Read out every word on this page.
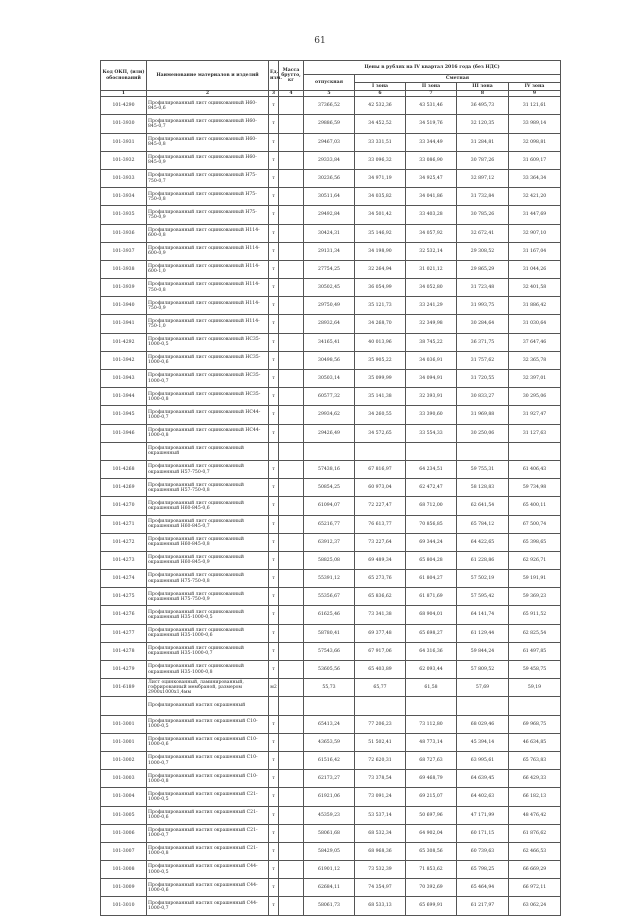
61
Код ОКП, (или) обоснований	Наименование материалов и изделий	Ед. изм.	Масса брутто, кг	Цены в рублях на IV квартал 2016 года (без НДС)				
				отпускная	Сметная			
					I зона	II зона	III зона	IV зона
1	2	3	4	5	6	7	8	9
101-4290	Профилированный лист оцинкованный Н60-845-0,6	т		37366,52	42 532,36	43 531,46	36 495,73	31 121,61
101-3930	Профилированный лист оцинкованный Н60-845-0,7	т		29886,59	34 452,52	34 519,76	32 120,35	33 989,14
101-3931	Профилированный лист оцинкованный Н60-845-0,8	т		29467,03	33 331,51	33 344,49	31 284,81	32 098,81
101-3932	Профилированный лист оцинкованный Н60-845-0,9	т		29333,84	33 096,32	33 086,90	30 787,26	31 609,17
101-3933	Профилированный лист оцинкованный Н75-750-0,7	т		30236,56	34 971,19	34 925,47	32 897,12	33 364,34
101-3934	Профилированный лист оцинкованный Н75-750-0,8	т		30511,64	34 035,82	34 041,86	31 732,84	32 421,20
101-3935	Профилированный лист оцинкованный Н75-750-0,9	т		29492,84	34 501,42	33 403,28	30 785,26	31 447,69
101-3936	Профилированный лист оцинкованный Н114-600-0,8	т		30424,31	35 146,92	34 057,92	32 672,41	32 907,10
101-3937	Профилированный лист оцинкованный Н114-600-0,9	т		29131,34	34 198,90	32 532,14	29 308,52	31 167,04
101-3938	Профилированный лист оцинкованный Н114-600-1,0	т		27754,25	32 264,94	31 021,12	29 865,29	31 044,26
101-3939	Профилированный лист оцинкованный Н114-750-0,8	т		30502,45	36 054,99	34 052,80	31 723,48	32 401,58
101-3940	Профилированный лист оцинкованный Н114-750-0,9	т		29750,49	35 121,73	33 241,29	31 993,75	31 886,42
101-3941	Профилированный лист оцинкованный Н114-750-1,0	т		28932,64	34 268,70	32 349,98	30 284,64	31 030,64
101-4292	Профилированный лист оцинкованный НС35-1000-0,5	т		34165,41	40 013,96	38 745,22	36 371,75	37 647,46
101-3942	Профилированный лист оцинкованный НС35-1000-0,6	т		30498,56	35 905,22	34 036,91	31 757,62	32 365,78
101-3943	Профилированный лист оцинкованный НС35-1000-0,7	т		30503,14	35 099,99	34 094,91	31 720,55	32 397,01
101-3944	Профилированный лист оцинкованный НС35-1000-0,8	т		60577,32	35 141,38	32 393,91	30 833,27	30 295,06
101-3945	Профилированный лист оцинкованный НС44-1000-0,7	т		29934,62	34 260,55	33 390,60	31 969,88	31 927,47
101-3946	Профилированный лист оцинкованный НС44-1000-0,8	т		29426,49	34 572,65	33 554,33	30 250,06	31 127,63
	Профилированный лист оцинкованный окрашенный							
101-4268	Профилированный лист оцинкованный окрашенный Н57-750-0,7	т		57438,16	67 816,97	64 234,51	59 755,31	61 406,43
101-4269	Профилированный лист оцинкованный окрашенный Н57-750-0,8	т		50854,25	60 973,04	62 472,47	58 128,83	59 734,98
101-4270	Профилированный лист оцинкованный окрашенный Н60-845-0,6	т		61094,07	72 227,47	68 712,00	62 641,54	65 400,11
101-4271	Профилированный лист оцинкованный окрашенный Н60-845-0,7	т		65216,77	76 613,77	70 856,85	65 784,12	67 500,74
101-4272	Профилированный лист оцинкованный окрашенный Н60-845-0,8	т		63912,37	73 227,64	69 344,24	64 422,65	65 398,65
101-4273	Профилированный лист оцинкованный окрашенный Н60-845-0,9	т		58825,08	69 489,34	65 804,28	61 228,86	62 926,71
101-4274	Профилированный лист оцинкованный окрашенный Н75-750-0,8	т		55391,12	65 273,76	61 804,27	57 502,19	59 191,91
101-4275	Профилированный лист оцинкованный окрашенный Н75-750-0,9	т		55356,67	65 836,62	61 871,69	57 595,42	59 369,23
101-4276	Профилированный лист оцинкованный окрашенный Н35-1000-0,5	т		61625,46	73 341,38	68 904,01	64 141,74	65 911,52
101-4277	Профилированный лист оцинкованный окрашенный Н35-1000-0,6	т		58780,41	69 377,48	65 698,27	61 129,44	62 825,54
101-4278	Профилированный лист оцинкованный окрашенный Н35-1000-0,7	т		57543,66	67 917,06	64 316,36	59 844,24	61 497,85
101-4279	Профилированный лист оцинкованный окрашенный Н35-1000-0,8	т		53605,56	65 403,89	62 093,44	57 809,52	59 458,75
101-6189	Лист оцинкованный, ламинированный, гофрированный мембраной, размером 2900х1000х1,4мм	м2		55,73	65,77	61,58	57,69	59,19
	Профилированный настил окрашенный							
101-3001	Профилированный настил окрашенный С10-1000-0,5	т		65413,24	77 206,23	73 112,80	68 029,46	69 968,75
101-3001	Профилированный настил окрашенный С10-1000-0,6	т		43653,59	51 502,41	48 773,14	45 394,14	46 634,85
101-3002	Профилированный настил окрашенный С10-1000-0,7	т		61516,42	72 620,31	68 727,63	63 995,61	65 763,83
101-3003	Профилированный настил окрашенный С10-1000-0,8	т		62173,27	73 378,54	69 468,79	64 639,45	66 429,33
101-3004	Профилированный настил окрашенный С21-1000-0,5	т		61921,06	73 091,24	69 215,07	64 402,63	66 182,13
101-3005	Профилированный настил окрашенный С21-1000-0,6	т		45359,23	53 537,14	50 697,96	47 171,99	48 476,42
101-3006	Профилированный настил окрашенный С21-1000-0,7	т		58061,68	68 532,34	64 902,04	60 171,15	61 876,62
101-3007	Профилированный настил окрашенный С21-1000-0,8	т		58429,05	68 968,36	65 308,56	60 739,63	62 466,53
101-3008	Профилированный настил окрашенный С44-1000-0,5	т		61901,12	73 532,39	71 853,62	65 798,25	66 669,29
101-3009	Профилированный настил окрашенный С44-1000-0,6	т		62684,11	74 354,97	70 392,69	65 464,94	66 972,11
101-3010	Профилированный настил окрашенный С44-1000-0,7	т		58061,73	68 533,13	65 699,91	61 217,97	63 062,24
